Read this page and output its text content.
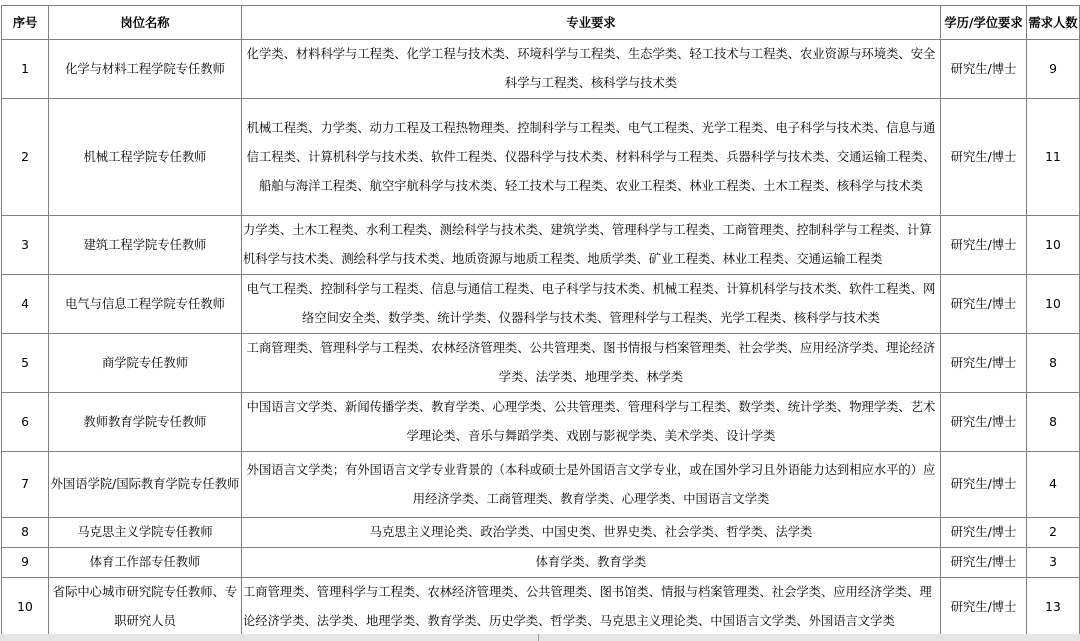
序号	岗位名称	专业要求	学历/学位要求	需求人数
1	化学与材料工程学院专任教师	化学类、材料科学与工程类、化学工程与技术类、环境科学与工程类、生态学类、轻工技术与工程类、农业资源与环境类、安全科学与工程类、核科学与技术类	研究生/博士	9
2	机械工程学院专任教师	机械工程类、力学类、动力工程及工程热物理类、控制科学与工程类、电气工程类、光学工程类、电子科学与技术类、信息与通信工程类、计算机科学与技术类、软件工程类、仪器科学与技术类、材料科学与工程类、兵器科学与技术类、交通运输工程类、船舶与海洋工程类、航空宇航科学与技术类、轻工技术与工程类、农业工程类、林业工程类、土木工程类、核科学与技术类	研究生/博士	11
3	建筑工程学院专任教师	力学类、土木工程类、水利工程类、测绘科学与技术类、建筑学类、管理科学与工程类、工商管理类、控制科学与工程类、计算机科学与技术类、测绘科学与技术类、地质资源与地质工程类、地质学类、矿业工程类、林业工程类、交通运输工程类	研究生/博士	10
4	电气与信息工程学院专任教师	电气工程类、控制科学与工程类、信息与通信工程类、电子科学与技术类、机械工程类、计算机科学与技术类、软件工程类、网络空间安全类、数学类、统计学类、仪器科学与技术类、管理科学与工程类、光学工程类、核科学与技术类	研究生/博士	10
5	商学院专任教师	工商管理类、管理科学与工程类、农林经济管理类、公共管理类、图书情报与档案管理类、社会学类、应用经济学类、理论经济学类、法学类、地理学类、林学类	研究生/博士	8
6	教师教育学院专任教师	中国语言文学类、新闻传播学类、教育学类、心理学类、公共管理类、管理科学与工程类、数学类、统计学类、物理学类、艺术学理论类、音乐与舞蹈学类、戏剧与影视学类、美术学类、设计学类	研究生/博士	8
7	外国语学院/国际教育学院专任教师	外国语言文学类；有外国语言文学专业背景的（本科或硕士是外国语言文学专业，或在国外学习且外语能力达到相应水平的）应用经济学类、工商管理类、教育学类、心理学类、中国语言文学类	研究生/博士	4
8	马克思主义学院专任教师	马克思主义理论类、政治学类、中国史类、世界史类、社会学类、哲学类、法学类	研究生/博士	2
9	体育工作部专任教师	体育学类、教育学类	研究生/博士	3
10	省际中心城市研究院专任教师、专职研究人员	工商管理类、管理科学与工程类、农林经济管理类、公共管理类、图书馆类、情报与档案管理类、社会学类、应用经济学类、理论经济学类、法学类、地理学类、教育学类、历史学类、哲学类、马克思主义理论类、中国语言文学类、外国语言文学类	研究生/博士	13
